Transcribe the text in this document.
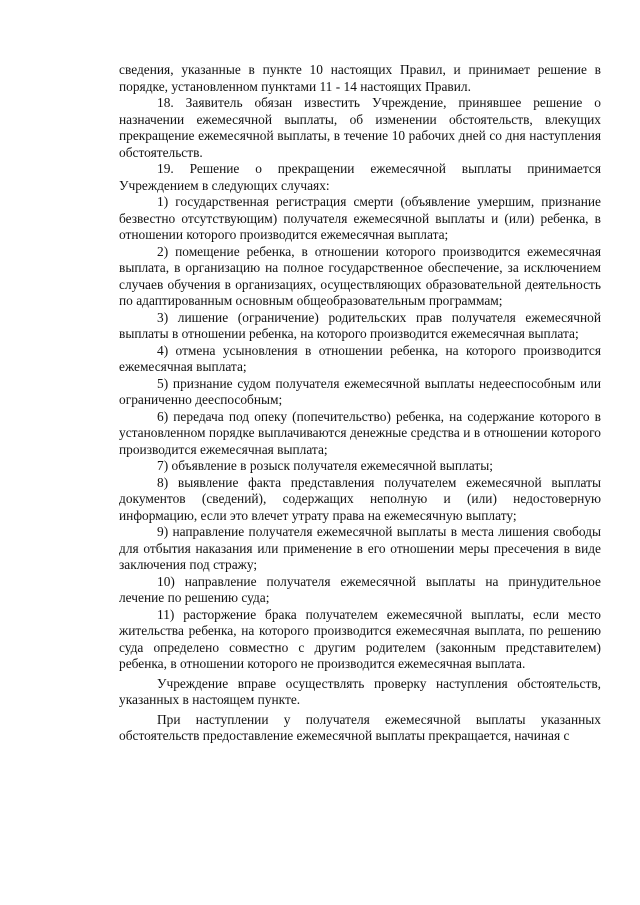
сведения, указанные в пункте 10 настоящих Правил, и принимает решение в порядке, установленном пунктами 11 - 14 настоящих Правил.

18. Заявитель обязан известить Учреждение, принявшее решение о назначении ежемесячной выплаты, об изменении обстоятельств, влекущих прекращение ежемесячной выплаты, в течение 10 рабочих дней со дня наступления обстоятельств.

19. Решение о прекращении ежемесячной выплаты принимается Учреждением в следующих случаях:

1) государственная регистрация смерти (объявление умершим, признание безвестно отсутствующим) получателя ежемесячной выплаты и (или) ребенка, в отношении которого производится ежемесячная выплата;

2) помещение ребенка, в отношении которого производится ежемесячная выплата, в организацию на полное государственное обеспечение, за исключением случаев обучения в организациях, осуществляющих образовательной деятельность по адаптированным основным общеобразовательным программам;

3) лишение (ограничение) родительских прав получателя ежемесячной выплаты в отношении ребенка, на которого производится ежемесячная выплата;

4) отмена усыновления в отношении ребенка, на которого производится ежемесячная выплата;

5) признание судом получателя ежемесячной выплаты недееспособным или ограниченно дееспособным;

6) передача под опеку (попечительство) ребенка, на содержание которого в установленном порядке выплачиваются денежные средства и в отношении которого производится ежемесячная выплата;

7) объявление в розыск получателя ежемесячной выплаты;

8) выявление факта представления получателем ежемесячной выплаты документов (сведений), содержащих неполную и (или) недостоверную информацию, если это влечет утрату права на ежемесячную выплату;

9) направление получателя ежемесячной выплаты в места лишения свободы для отбытия наказания или применение в его отношении меры пресечения в виде заключения под стражу;

10) направление получателя ежемесячной выплаты на принудительное лечение по решению суда;

11) расторжение брака получателем ежемесячной выплаты, если место жительства ребенка, на которого производится ежемесячная выплата, по решению суда определено совместно с другим родителем (законным представителем) ребенка, в отношении которого не производится ежемесячная выплата.

Учреждение вправе осуществлять проверку наступления обстоятельств, указанных в настоящем пункте.

При наступлении у получателя ежемесячной выплаты указанных обстоятельств предоставление ежемесячной выплаты прекращается, начиная с
